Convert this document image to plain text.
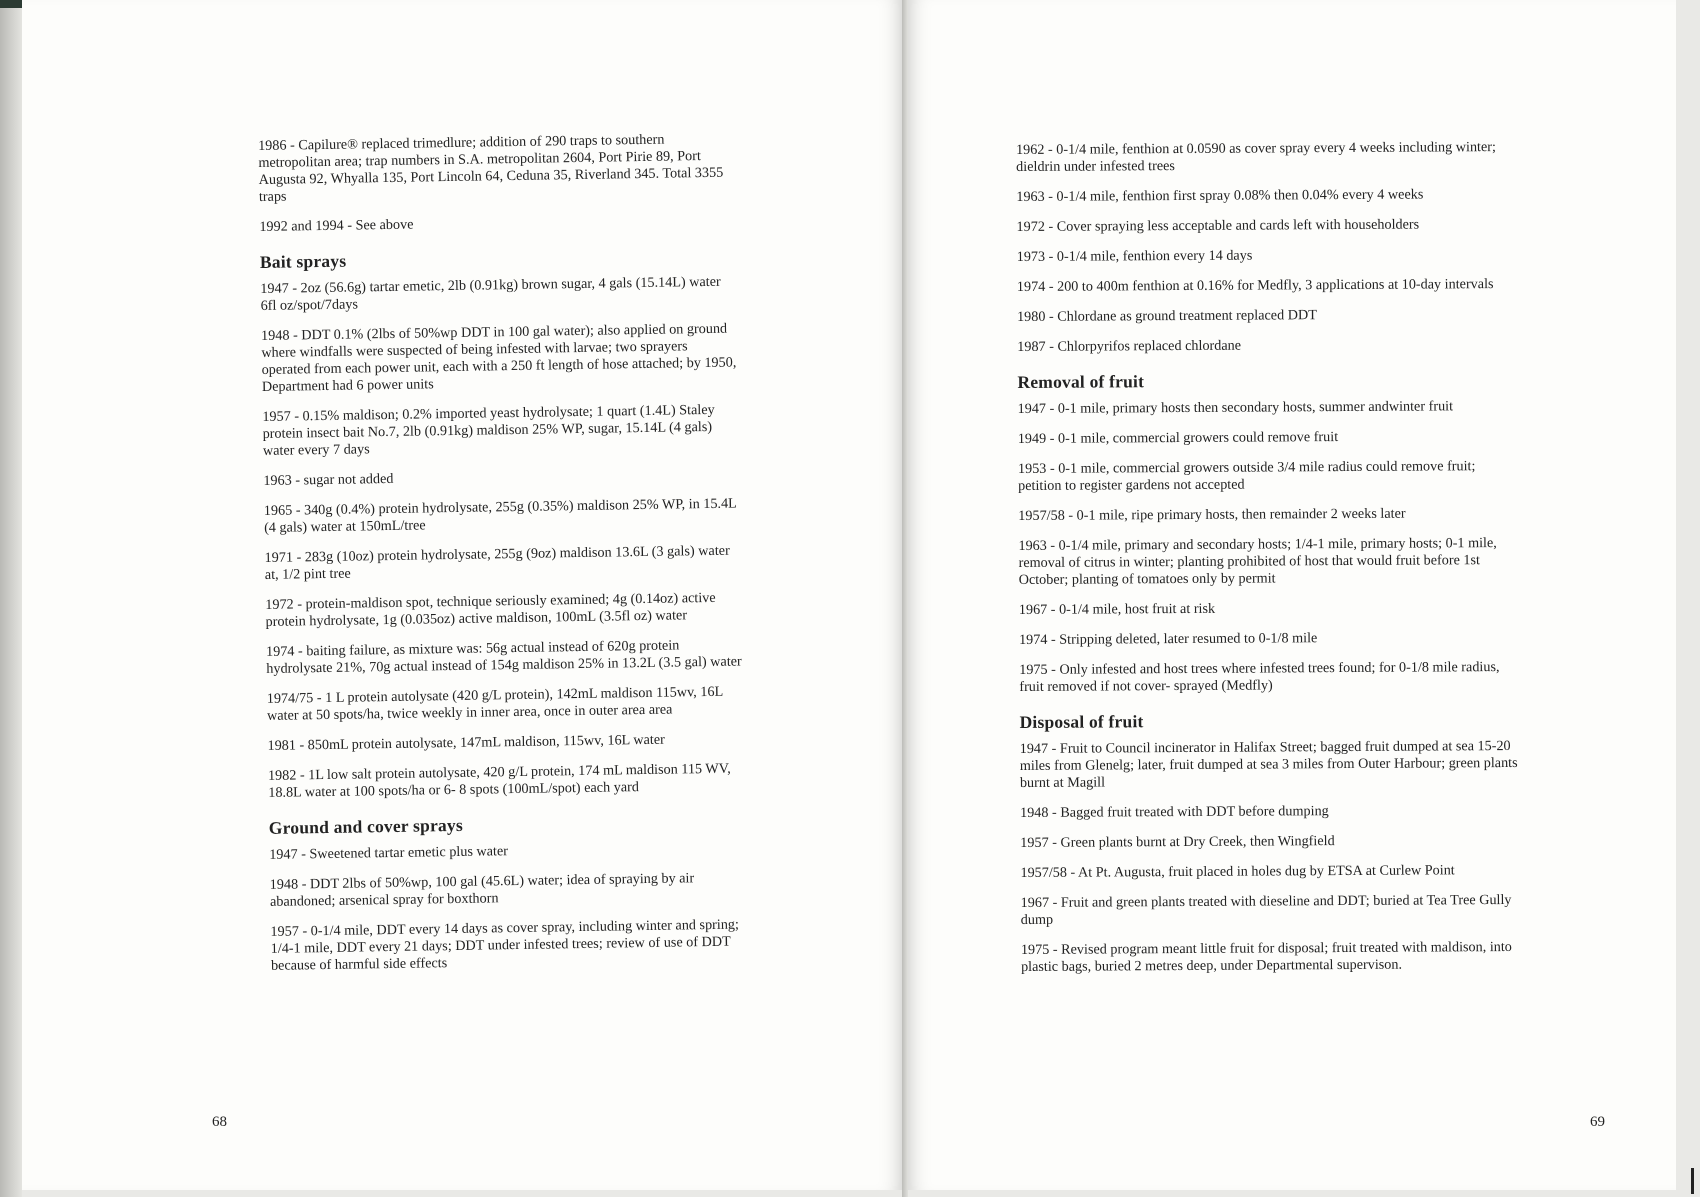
1986 - Capilure® replaced trimedlure; addition of 290 traps to southern metropolitan area; trap numbers in S.A. metropolitan 2604, Port Pirie 89, Port Augusta 92, Whyalla 135, Port Lincoln 64, Ceduna 35, Riverland 345. Total 3355 traps

1992 and 1994 - See above

Bait sprays

1947 - 2oz (56.6g) tartar emetic, 2lb (0.91kg) brown sugar, 4 gals (15.14L) water 6fl oz/spot/7days

1948 - DDT 0.1% (2lbs of 50%wp DDT in 100 gal water); also applied on ground where windfalls were suspected of being infested with larvae; two sprayers operated from each power unit, each with a 250 ft length of hose attached; by 1950, Department had 6 power units

1957 - 0.15% maldison; 0.2% imported yeast hydrolysate; 1 quart (1.4L) Staley protein insect bait No.7, 2lb (0.91kg) maldison 25% WP, sugar, 15.14L (4 gals) water every 7 days

1963 - sugar not added

1965 - 340g (0.4%) protein hydrolysate, 255g (0.35%) maldison 25% WP, in 15.4L (4 gals) water at 150mL/tree

1971 - 283g (10oz) protein hydrolysate, 255g (9oz) maldison 13.6L (3 gals) water at, 1/2 pint tree

1972 - protein-maldison spot, technique seriously examined; 4g (0.14oz) active protein hydrolysate, 1g (0.035oz) active maldison, 100mL (3.5fl oz) water

1974 - baiting failure, as mixture was: 56g actual instead of 620g protein hydrolysate 21%, 70g actual instead of 154g maldison 25% in 13.2L (3.5 gal) water

1974/75 - 1 L protein autolysate (420 g/L protein), 142mL maldison 115wv, 16L water at 50 spots/ha, twice weekly in inner area, once in outer area area

1981 - 850mL protein autolysate, 147mL maldison, 115wv, 16L water

1982 - 1L low salt protein autolysate, 420 g/L protein, 174 mL maldison 115 WV, 18.8L water at 100 spots/ha or 6- 8 spots (100mL/spot) each yard

Ground and cover sprays

1947 - Sweetened tartar emetic plus water

1948 - DDT 2lbs of 50%wp, 100 gal (45.6L) water; idea of spraying by air abandoned; arsenical spray for boxthorn

1957 - 0-1/4 mile, DDT every 14 days as cover spray, including winter and spring; 1/4-1 mile, DDT every 21 days; DDT under infested trees; review of use of DDT because of harmful side effects

1962 - 0-1/4 mile, fenthion at 0.0590 as cover spray every 4 weeks including winter; dieldrin under infested trees

1963 - 0-1/4 mile, fenthion first spray 0.08% then 0.04% every 4 weeks

1972 - Cover spraying less acceptable and cards left with householders

1973 - 0-1/4 mile, fenthion every 14 days

1974 - 200 to 400m fenthion at 0.16% for Medfly, 3 applications at 10-day intervals

1980 - Chlordane as ground treatment replaced DDT

1987 - Chlorpyrifos replaced chlordane

Removal of fruit

1947 - 0-1 mile, primary hosts then secondary hosts, summer andwinter fruit

1949 - 0-1 mile, commercial growers could remove fruit

1953 - 0-1 mile, commercial growers outside 3/4 mile radius could remove fruit; petition to register gardens not accepted

1957/58 - 0-1 mile, ripe primary hosts, then remainder 2 weeks later

1963 - 0-1/4 mile, primary and secondary hosts; 1/4-1 mile, primary hosts; 0-1 mile, removal of citrus in winter; planting prohibited of host that would fruit before 1st October; planting of tomatoes only by permit

1967 - 0-1/4 mile, host fruit at risk

1974 - Stripping deleted, later resumed to 0-1/8 mile

1975 - Only infested and host trees where infested trees found; for 0-1/8 mile radius, fruit removed if not cover- sprayed (Medfly)

Disposal of fruit

1947 - Fruit to Council incinerator in Halifax Street; bagged fruit dumped at sea 15-20 miles from Glenelg; later, fruit dumped at sea 3 miles from Outer Harbour; green plants burnt at Magill

1948 - Bagged fruit treated with DDT before dumping

1957 - Green plants burnt at Dry Creek, then Wingfield

1957/58 - At Pt. Augusta, fruit placed in holes dug by ETSA at Curlew Point

1967 - Fruit and green plants treated with dieseline and DDT; buried at Tea Tree Gully dump

1975 - Revised program meant little fruit for disposal; fruit treated with maldison, into plastic bags, buried 2 metres deep, under Departmental supervison.

68	69
